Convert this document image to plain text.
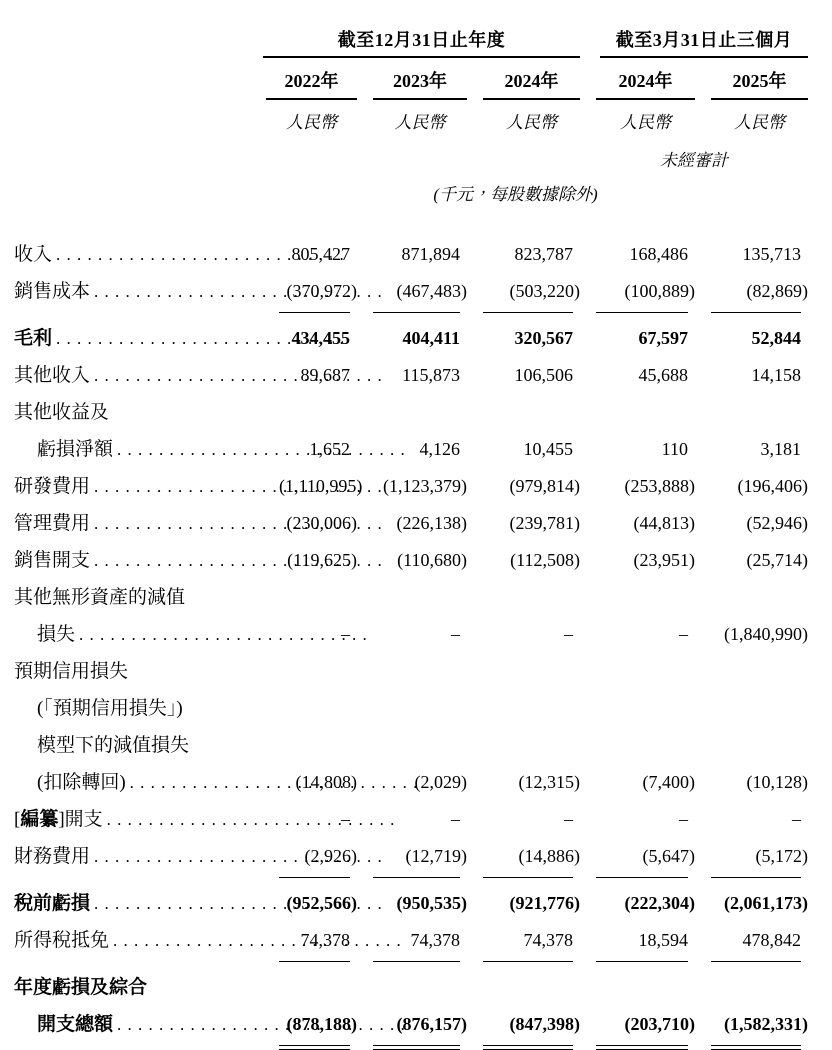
截至12月31日止年度	截至3月31日止三個月
2022年	2023年	2024年	2024年	2025年
人民幣	人民幣	人民幣	人民幣	人民幣
未經審計
(千元，每股數據除外)
收入 . . .	805,427	871,894	823,787	168,486	135,713
銷售成本 . . .	(370,972)	(467,483)	(503,220)	(100,889)	(82,869)
毛利 . . .	434,455	404,411	320,567	67,597	52,844
其他收入 . . .	89,687	115,873	106,506	45,688	14,158
其他收益及
虧損淨額 . . .	1,652	4,126	10,455	110	3,181
研發費用 . . .	(1,110,995)	(1,123,379)	(979,814)	(253,888)	(196,406)
管理費用 . . .	(230,006)	(226,138)	(239,781)	(44,813)	(52,946)
銷售開支 . . .	(119,625)	(110,680)	(112,508)	(23,951)	(25,714)
其他無形資產的減值
損失 . . .	–	–	–	–	(1,840,990)
預期信用損失
(「預期信用損失」)
模型下的減值損失
(扣除轉回) . . .	(14,808)	(2,029)	(12,315)	(7,400)	(10,128)
[編纂]開支 . . .	–	–	–	–	–
財務費用 . . .	(2,926)	(12,719)	(14,886)	(5,647)	(5,172)
稅前虧損 . . .	(952,566)	(950,535)	(921,776)	(222,304)	(2,061,173)
所得稅抵免 . . .	74,378	74,378	74,378	18,594	478,842
年度虧損及綜合
開支總額 . . .	(878,188)	(876,157)	(847,398)	(203,710)	(1,582,331)
